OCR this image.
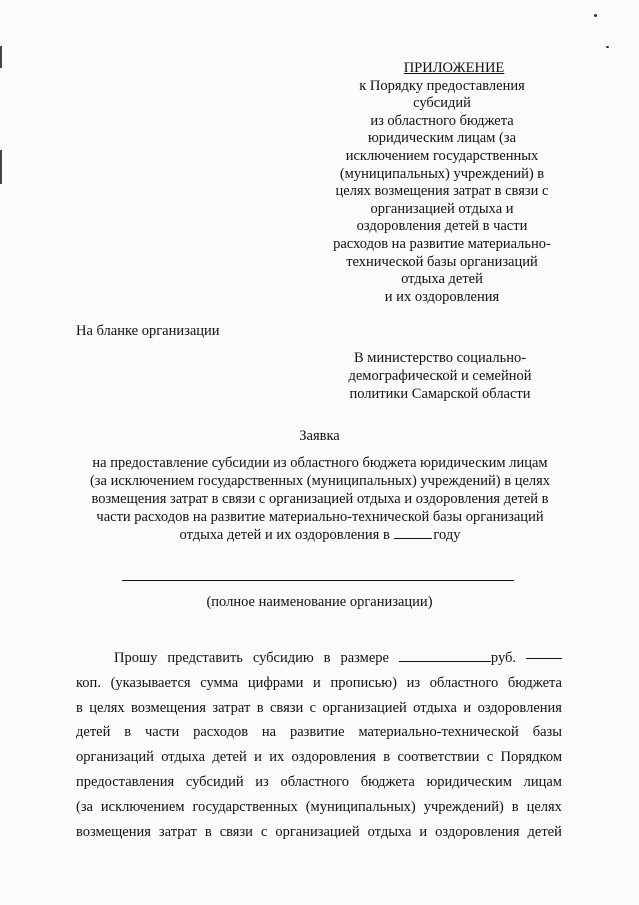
ПРИЛОЖЕНИЕ
к Порядку предоставления
субсидий
из областного бюджета
юридическим лицам (за
исключением государственных
(муниципальных) учреждений) в
целях возмещения затрат в связи с
организацией отдыха и
оздоровления детей в части
расходов на развитие материально-
технической базы организаций
отдыха детей
и их оздоровления
На бланке организации
В министерство социально-
демографической и семейной
политики Самарской области
Заявка
на предоставление субсидии из областного бюджета юридическим лицам
(за исключением государственных (муниципальных) учреждений) в целях
возмещения затрат в связи с организацией отдыха и оздоровления детей в
части расходов на развитие материально-технической базы организаций
отдыха детей и их оздоровления в	году
(полное наименование организации)
Прошу представить субсидию в размере	руб.
коп. (указывается сумма цифрами и прописью) из областного бюджета
в целях возмещения затрат в связи с организацией отдыха и оздоровления
детей в части расходов на развитие материально-технической базы
организаций отдыха детей и их оздоровления в соответствии с Порядком
предоставления субсидий из областного бюджета юридическим лицам
(за исключением государственных (муниципальных) учреждений) в целях
возмещения затрат в связи с организацией отдыха и оздоровления детей
